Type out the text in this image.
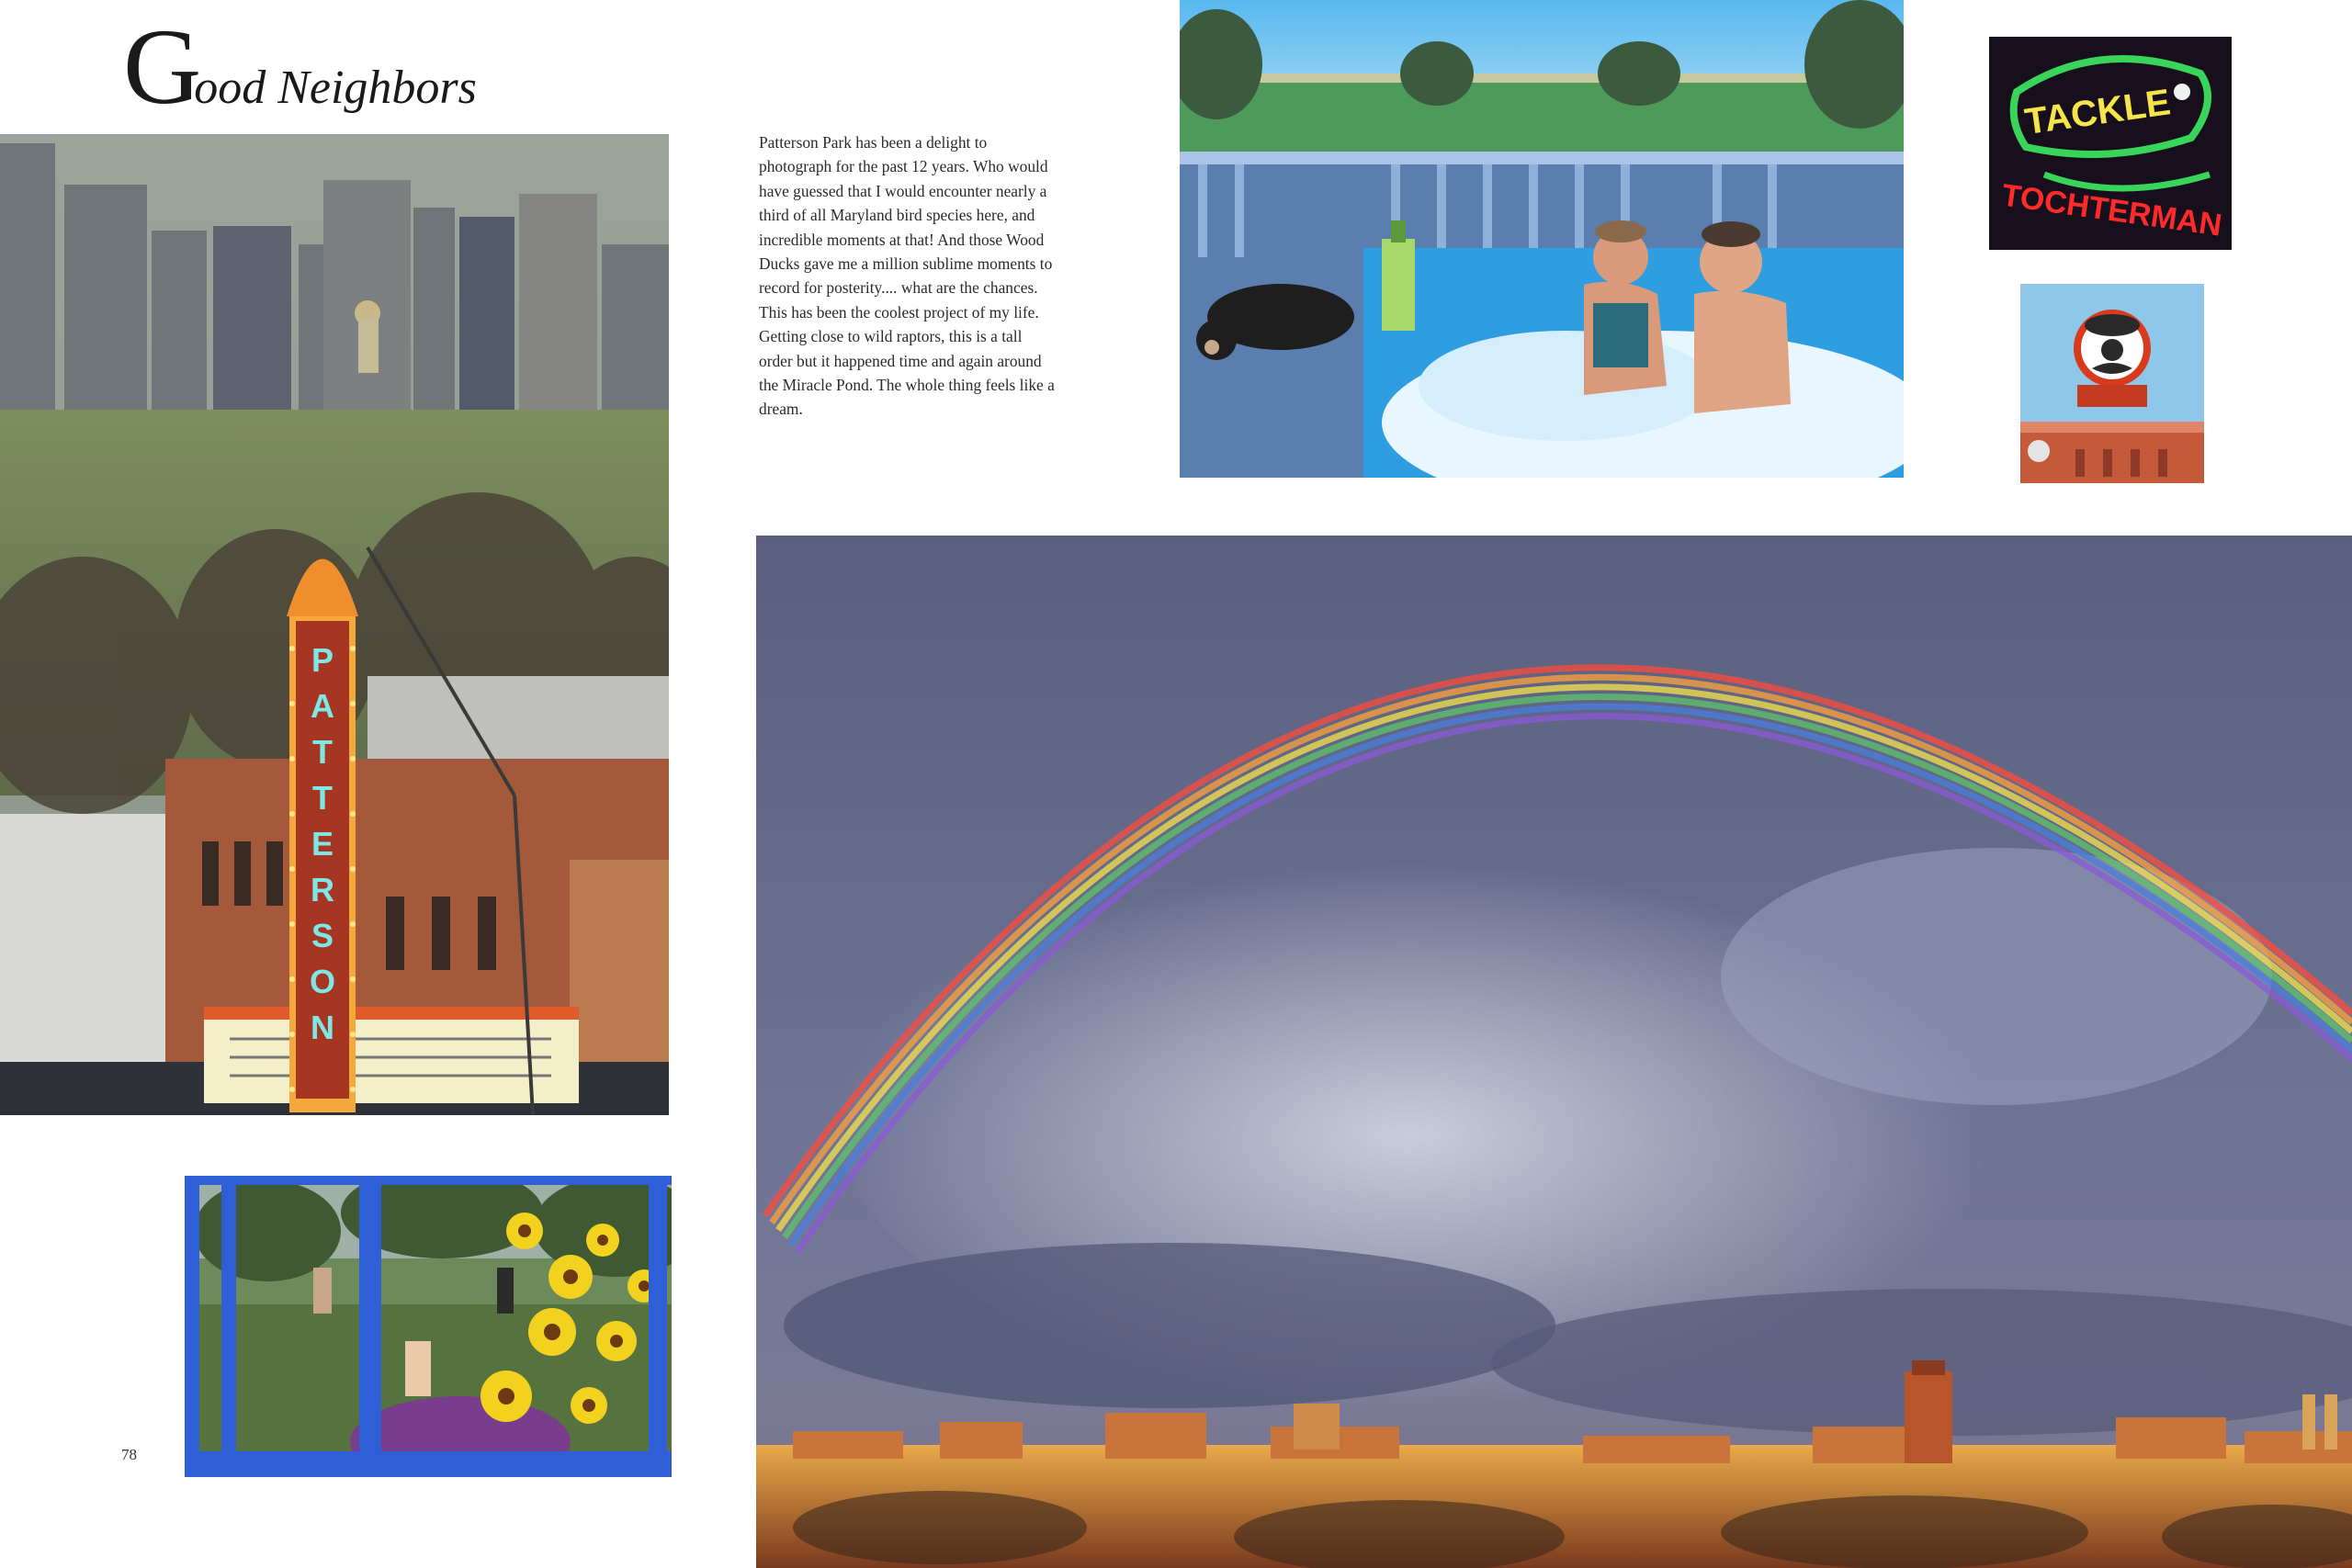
Good Neighbors
Patterson Park has been a delight to photograph for the past 12 years. Who would have guessed that I would encounter nearly a third of all Maryland bird species here, and incredible moments at that! And those Wood Ducks gave me a million sublime moments to record for posterity.... what are the chances. This has been the coolest project of my life. Getting close to wild raptors, this is a tall order but it happened time and again around the Miracle Pond. The whole thing feels like a dream.
78
P
A
T
T
E
R
S
O
N
TACKLE
TOCHTERMAN
